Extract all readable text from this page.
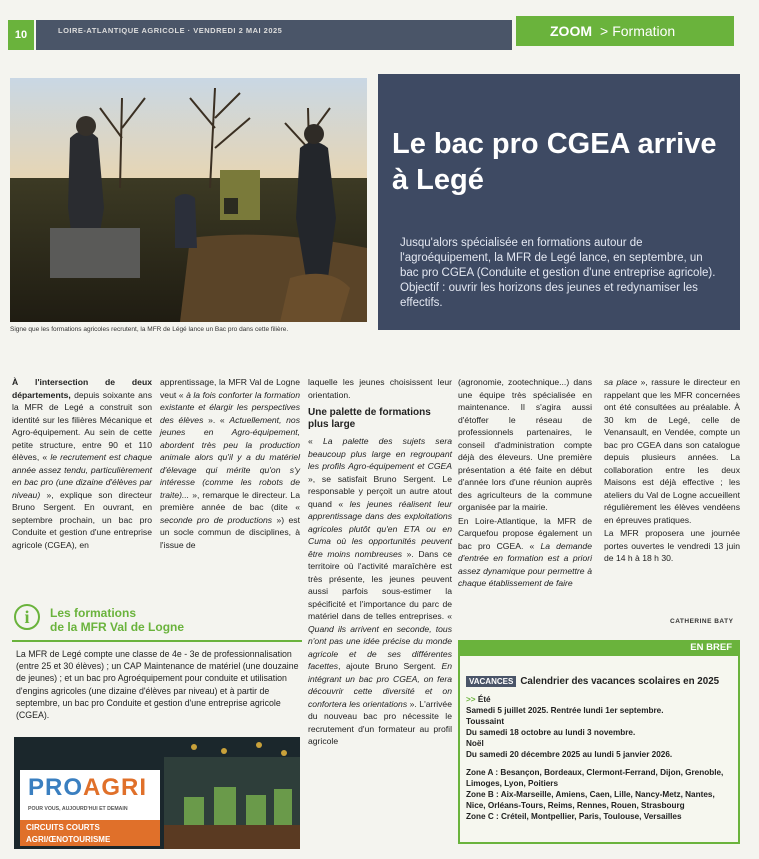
10	LOIRE-ATLANTIQUE AGRICOLE · VENDREDI 2 MAI 2025	ZOOM > Formation
Signe que les formations agricoles recrutent, la MFR de Légé lance un Bac pro dans cette filière.
Le bac pro CGEA arrive à Legé
Jusqu'alors spécialisée en formations autour de l'agroéquipement, la MFR de Legé lance, en septembre, un bac pro CGEA (Conduite et gestion d'une entreprise agricole). Objectif : ouvrir les horizons des jeunes et redynamiser les effectifs.

À l'intersection de deux départements, depuis soixante ans la MFR de Legé a construit son identité sur les filières Mécanique et Agro-équipement. Au sein de cette petite structure, entre 90 et 110 élèves, « le recrutement est chaque année assez tendu, particulièrement en bac pro (une dizaine d'élèves par niveau) », explique son directeur Bruno Sergent. En ouvrant, en septembre prochain, un bac pro Conduite et gestion d'une entreprise agricole (CGEA), en

apprentissage, la MFR Val de Logne veut « à la fois conforter la formation existante et élargir les perspectives des élèves ». « Actuellement, nos jeunes en Agro-équipement, abordent très peu la production animale alors qu'il y a du matériel d'élevage qui mérite qu'on s'y intéresse (comme les robots de traite)... », remarque le directeur. La première année de bac (dite « seconde pro de productions ») est un socle commun de disciplines, à l'issue de

laquelle les jeunes choisissent leur orientation.

Une palette de formations plus large

« La palette des sujets sera beaucoup plus large en regroupant les profils Agro-équipement et CGEA », se satisfait Bruno Sergent. Le responsable y perçoit un autre atout quand « les jeunes réalisent leur apprentissage dans des exploitations agricoles plutôt qu'en ETA ou en Cuma où les opportunités peuvent être moins nombreuses ». Dans ce territoire où l'activité maraîchère est très présente, les jeunes peuvent aussi parfois sous-estimer la spécificité et l'importance du parc de matériel dans de telles entreprises. « Quand ils arrivent en seconde, tous n'ont pas une idée précise du monde agricole et de ses différentes facettes, ajoute Bruno Sergent. En intégrant un bac pro CGEA, on fera découvrir cette diversité et on confortera les orientations ». L'arrivée du nouveau bac pro nécessite le recrutement d'un formateur au profil agricole

(agronomie, zootechnique...) dans une équipe très spécialisée en maintenance. Il s'agira aussi d'étoffer le réseau de professionnels partenaires, le conseil d'administration compte déjà des éleveurs. Une première présentation a été faite en début d'année lors d'une réunion auprès des agriculteurs de la commune organisée par la mairie.

En Loire-Atlantique, la MFR de Carquefou propose également un bac pro CGEA. « La demande d'entrée en formation est a priori assez dynamique pour permettre à chaque établissement de faire

sa place », rassure le directeur en rappelant que les MFR concernées ont été consultées au préalable. À 30 km de Legé, celle de Venansault, en Vendée, compte un bac pro CGEA dans son catalogue depuis plusieurs années. La collaboration entre les deux Maisons est déjà effective ; les ateliers du Val de Logne accueillent régulièrement les élèves vendéens en épreuves pratiques.

La MFR proposera une journée portes ouvertes le vendredi 13 juin de 14 h à 18 h 30.

CATHERINE BATY
i	Les formations
de la MFR Val de Logne
La MFR de Legé compte une classe de 4e - 3e de professionnalisation (entre 25 et 30 élèves) ; un CAP Maintenance de matériel (une douzaine de jeunes) ; et un bac pro Agroéquipement pour conduite et utilisation d'engins agricoles (une dizaine d'élèves par niveau) et à partir de septembre, un bac pro Conduite et gestion d'une entreprise agricole (CGEA).
PROAGRI
POUR VOUS, AUJOURD'HUI ET DEMAIN
CIRCUITS COURTS
AGRI/ŒNOTOURISME
EN BREF
VACANCES Calendrier des vacances scolaires en 2025
>> Été
Samedi 5 juillet 2025. Rentrée lundi 1er septembre.
Toussaint
Du samedi 18 octobre au lundi 3 novembre.
Noël
Du samedi 20 décembre 2025 au lundi 5 janvier 2026.
Zone A : Besançon, Bordeaux, Clermont-Ferrand, Dijon, Grenoble, Limoges, Lyon, Poitiers
Zone B : Aix-Marseille, Amiens, Caen, Lille, Nancy-Metz, Nantes, Nice, Orléans-Tours, Reims, Rennes, Rouen, Strasbourg
Zone C : Créteil, Montpellier, Paris, Toulouse, Versailles
